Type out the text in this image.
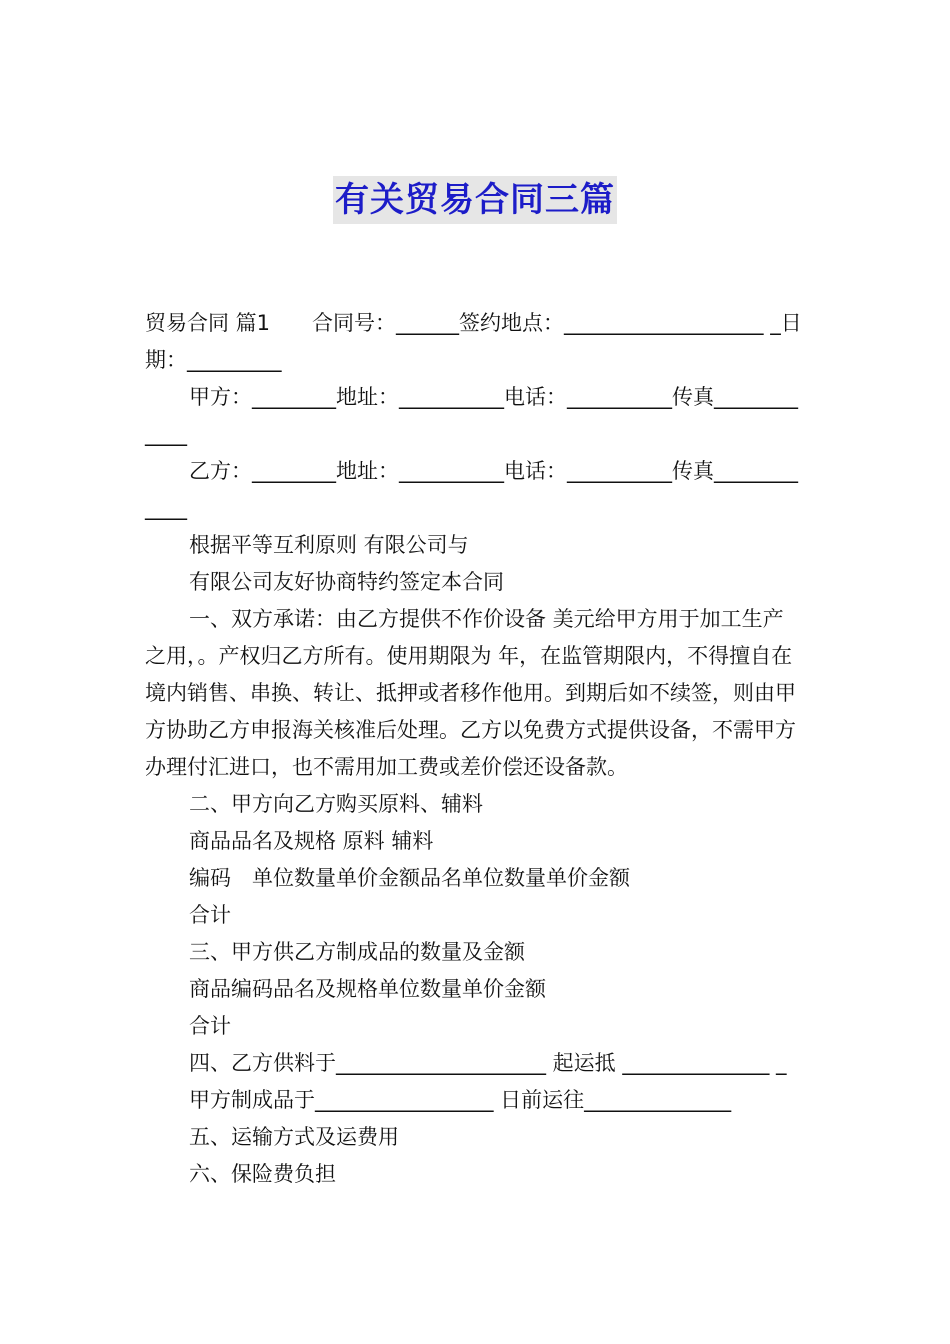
有关贸易合同三篇

贸易合同 篇1　　合同号：______签约地点：___________________ _日期：_________

甲方：________地址：__________电话：__________传真____________

乙方：________地址：__________电话：__________传真____________

根据平等互利原则 有限公司与

有限公司友好协商特约签定本合同

一、双方承诺：由乙方提供不作价设备 美元给甲方用于加工生产 之用，。产权归乙方所有。使用期限为 年，在监管期限内，不得擅自在境内销售、串换、转让、抵押或者移作他用。到期后如不续签，则由甲方协助乙方申报海关核准后处理。乙方以免费方式提供设备，不需甲方办理付汇进口，也不需用加工费或差价偿还设备款。

二、甲方向乙方购买原料、辅料

商品品名及规格 原料 辅料

编码　单位数量单价金额品名单位数量单价金额

合计

三、甲方供乙方制成品的数量及金额

商品编码品名及规格单位数量单价金额

合计

四、乙方供料于____________________ 起运抵 ______________ _

甲方制成品于_________________ 日前运往______________

五、运输方式及运费用

六、保险费负担
